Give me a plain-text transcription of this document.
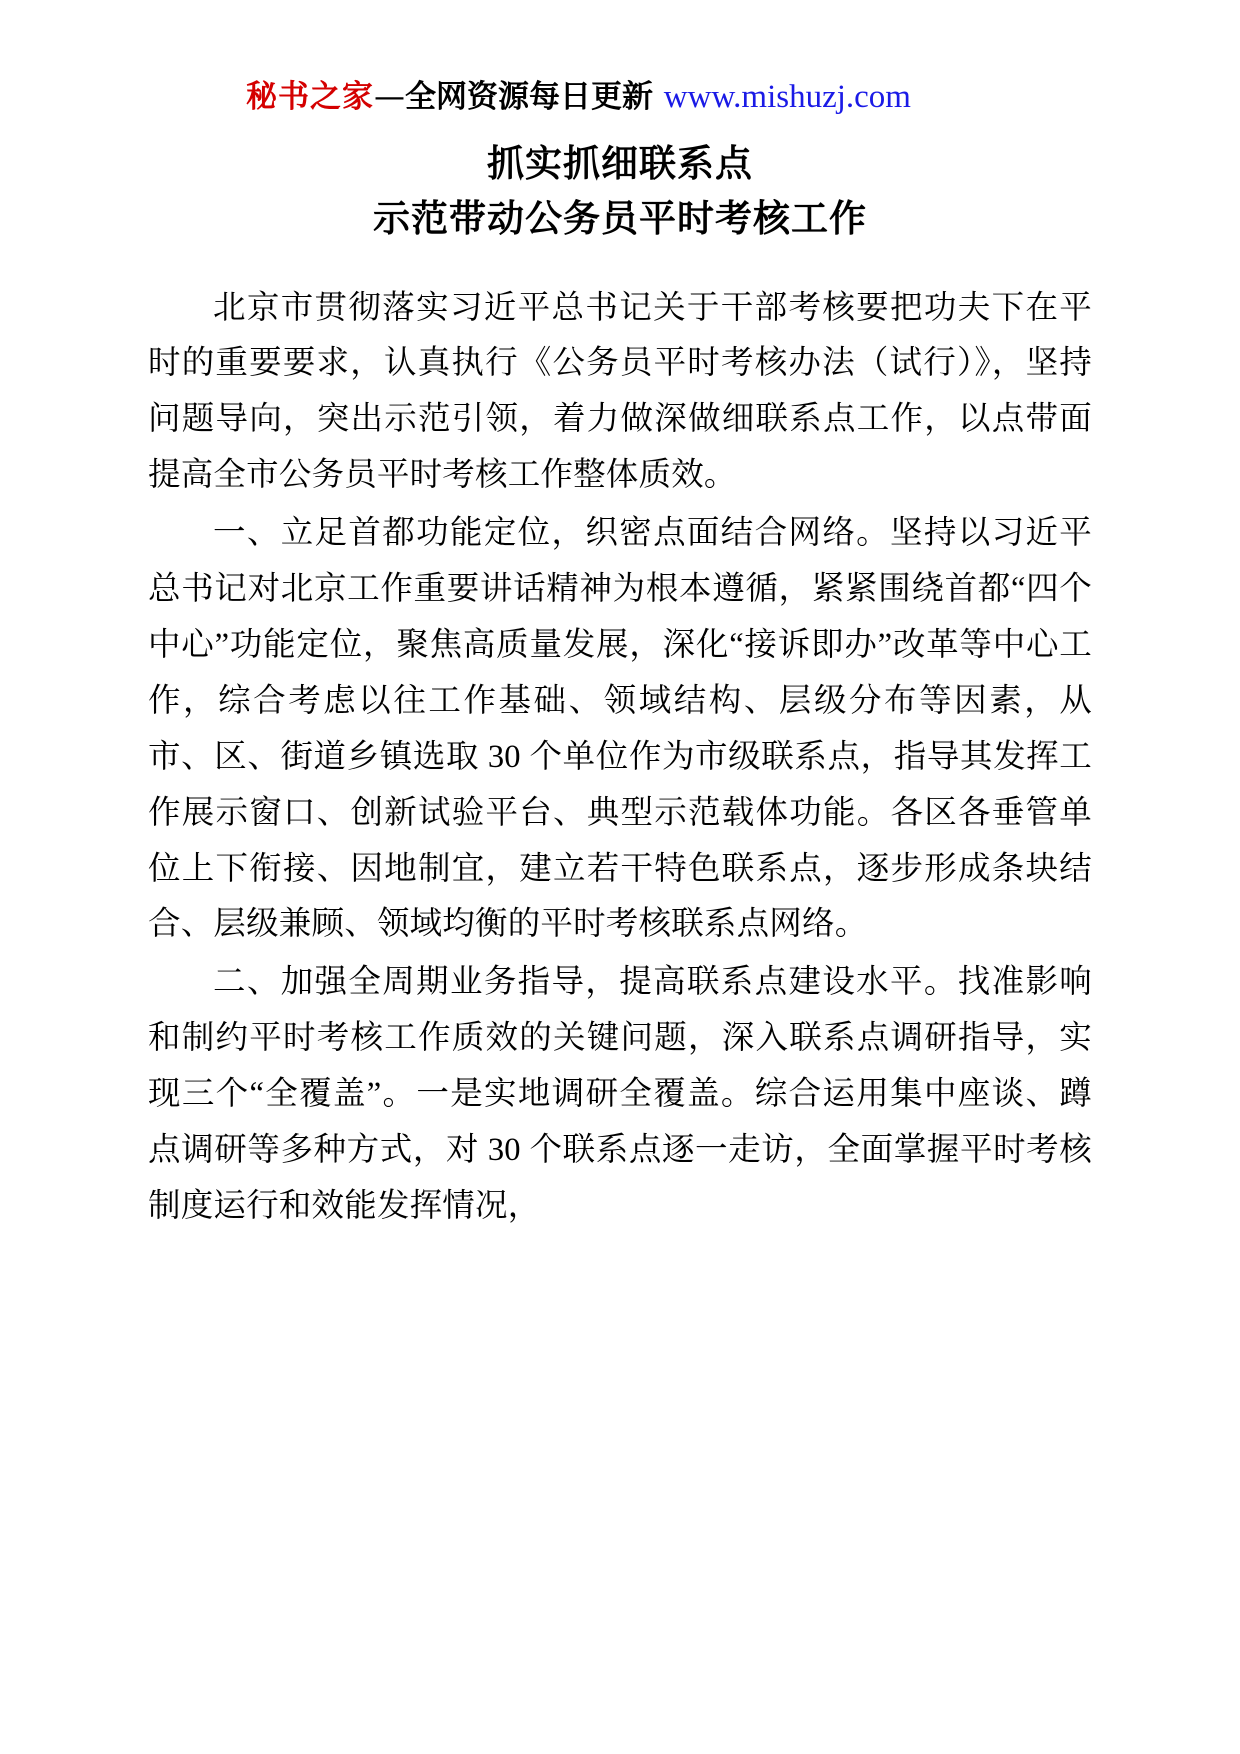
秘书之家—全网资源每日更新 www.mishuzj.com
抓实抓细联系点
示范带动公务员平时考核工作

北京市贯彻落实习近平总书记关于干部考核要把功夫下在平时的重要要求，认真执行《公务员平时考核办法（试行）》，坚持问题导向，突出示范引领，着力做深做细联系点工作，以点带面提高全市公务员平时考核工作整体质效。

一、立足首都功能定位，织密点面结合网络。坚持以习近平总书记对北京工作重要讲话精神为根本遵循，紧紧围绕首都“四个中心”功能定位，聚焦高质量发展，深化“接诉即办”改革等中心工作，综合考虑以往工作基础、领域结构、层级分布等因素，从市、区、街道乡镇选取 30 个单位作为市级联系点，指导其发挥工作展示窗口、创新试验平台、典型示范载体功能。各区各垂管单位上下衔接、因地制宜，建立若干特色联系点，逐步形成条块结合、层级兼顾、领域均衡的平时考核联系点网络。

二、加强全周期业务指导，提高联系点建设水平。找准影响和制约平时考核工作质效的关键问题，深入联系点调研指导，实现三个“全覆盖”。一是实地调研全覆盖。综合运用集中座谈、蹲点调研等多种方式，对 30 个联系点逐一走访，全面掌握平时考核制度运行和效能发挥情况，
